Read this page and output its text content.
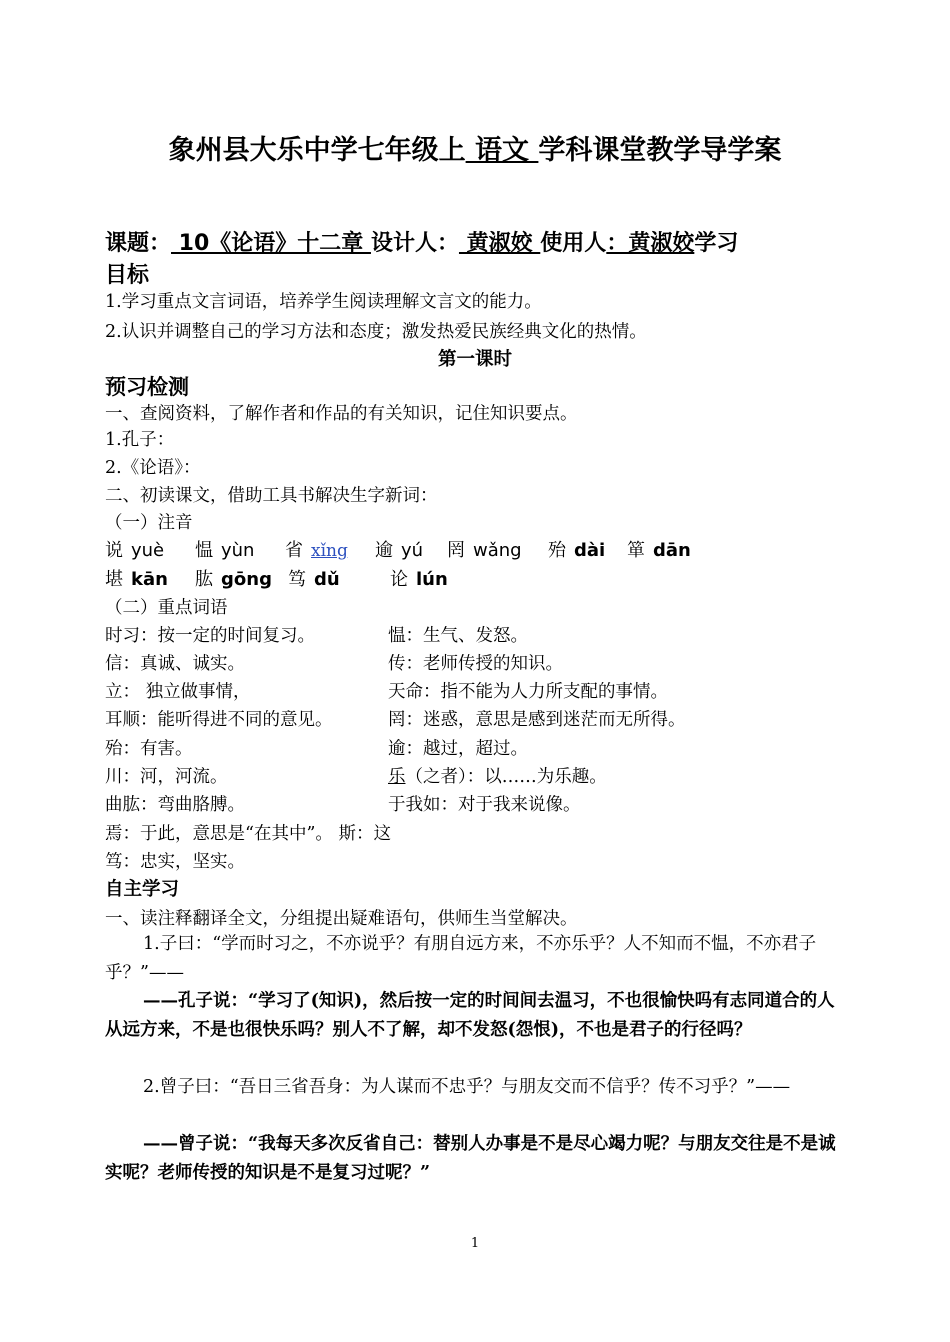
象州县大乐中学七年级上 语文 学科课堂教学导学案
课题： 10《论语》十二章 设计人： 黄淑姣 使用人：黄淑姣学习
目标
1.学习重点文言词语，培养学生阅读理解文言文的能力。
2.认识并调整自己的学习方法和态度；激发热爱民族经典文化的热情。
第一课时
预习检测
一、查阅资料，了解作者和作品的有关知识，记住知识要点。
1.孔子：
2.《论语》：
二、初读课文，借助工具书解决生字新词：
（一）注音
说 yuè 愠 yùn 省 xǐng 逾 yú 罔 wǎng 殆 dài 箪 dān
堪 kān 肱 gōng 笃 dǔ	论 lún
（二）重点词语
时习：按一定的时间复习。	愠：生气、发怒。
信：真诚、诚实。	传：老师传授的知识。
立： 独立做事情，	天命：指不能为人力所支配的事情。
耳顺：能听得进不同的意见。	罔：迷惑，意思是感到迷茫而无所得。
殆：有害。	逾：越过，超过。
川：河，河流。	乐（之者）：以……为乐趣。
曲肱：弯曲胳膊。	于我如：对于我来说像。
焉：于此，意思是“在其中”。 斯：这
笃：忠实，坚实。
自主学习
一、读注释翻译全文，分组提出疑难语句，供师生当堂解决。
1.子曰：“学而时习之，不亦说乎？有朋自远方来，不亦乐乎？人不知而不愠，不亦君子乎？”——
——孔子说：“学习了(知识)，然后按一定的时间间去温习，不也很愉快吗有志同道合的人从远方来，不是也很快乐吗？别人不了解，却不发怒(怨恨)，不也是君子的行径吗？
2.曾子曰：“吾日三省吾身：为人谋而不忠乎？与朋友交而不信乎？传不习乎？”——
——曾子说：“我每天多次反省自己：替别人办事是不是尽心竭力呢？与朋友交往是不是诚实呢？老师传授的知识是不是复习过呢？”
1
